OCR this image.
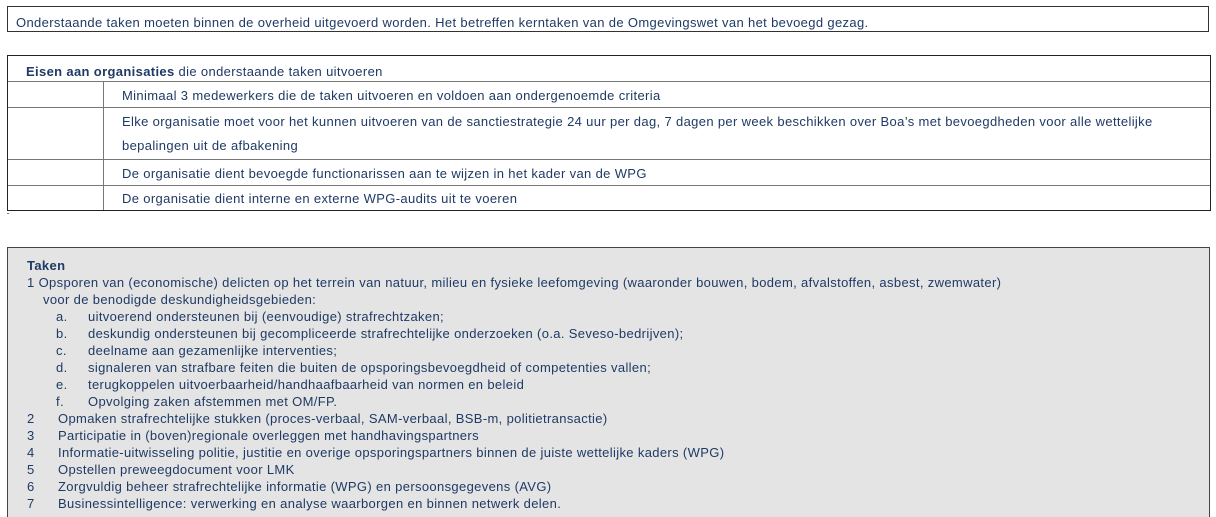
Onderstaande taken moeten binnen de overheid uitgevoerd worden. Het betreffen kerntaken van de Omgevingswet van het bevoegd gezag.
Eisen aan organisaties die onderstaande taken uitvoeren
Minimaal 3 medewerkers die de taken uitvoeren en voldoen aan ondergenoemde criteria
Elke organisatie moet voor het kunnen uitvoeren van de sanctiestrategie 24 uur per dag, 7 dagen per week beschikken over Boa’s met bevoegdheden voor alle wettelijke bepalingen uit de afbakening
De organisatie dient bevoegde functionarissen aan te wijzen in het kader van de WPG
De organisatie dient interne en externe WPG-audits uit te voeren
Taken
1 Opsporen van (economische) delicten op het terrein van natuur, milieu en fysieke leefomgeving (waaronder bouwen, bodem, afvalstoffen, asbest, zwemwater)
voor de benodigde deskundigheidsgebieden:
a.	uitvoerend ondersteunen bij (eenvoudige) strafrechtzaken;
b.	deskundig ondersteunen bij gecompliceerde strafrechtelijke onderzoeken (o.a. Seveso-bedrijven);
c.	deelname aan gezamenlijke interventies;
d.	signaleren van strafbare feiten die buiten de opsporingsbevoegdheid of competenties vallen;
e.	terugkoppelen uitvoerbaarheid/handhaafbaarheid van normen en beleid
f.	Opvolging zaken afstemmen met OM/FP.
2	Opmaken strafrechtelijke stukken (proces-verbaal, SAM-verbaal, BSB-m, politietransactie)
3	Participatie in (boven)regionale overleggen met handhavingspartners
4	Informatie-uitwisseling politie, justitie en overige opsporingspartners binnen de juiste wettelijke kaders (WPG)
5	Opstellen preweegdocument voor LMK
6	Zorgvuldig beheer strafrechtelijke informatie (WPG) en persoonsgegevens (AVG)
7	Businessintelligence: verwerking en analyse waarborgen en binnen netwerk delen.
